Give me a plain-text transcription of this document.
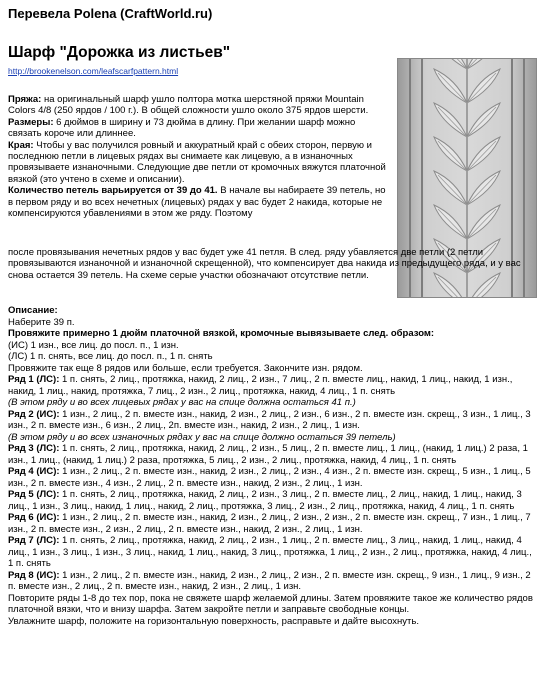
Перевела Polena (CraftWorld.ru)
Шарф "Дорожка из листьев"
http://brookenelson.com/leafscarfpattern.html

Пряжа: на оригинальный шарф ушло полтора мотка шерстяной пряжи Mountain Colors 4/8 (250 ярдов / 100 г.). В общей сложности ушло около 375 ярдов шерсти.

Размеры: 6 дюймов в ширину и 73 дюйма в длину. При желании шарф можно связать короче или длиннее.

Края: Чтобы у вас получился ровный и аккуратный край с обеих сторон, первую и последнюю петли в лицевых рядах вы снимаете как лицевую, а в изнаночных провязываете изнаночными. Следующие две петли от кромочных вяжутся платочной вязкой (это учтено в схеме и описании).

Количество петель варьируется от 39 до 41. В начале вы набираете 39 петель, но в первом ряду и во всех нечетных (лицевых) рядах у вас будет 2 накида, которые не компенсируются убавлениями в этом же ряду. Поэтому

после провязывания нечетных рядов у вас будет уже 41 петля. В след. ряду убавляется две петли (2 петли провязываются изнаночной и изнаночной скрещенной), что компенсирует два накида из предыдущего ряда, и у вас снова остается 39 петель. На схеме серые участки обозначают отсутствие петли.

Описание:

Наберите 39 п.

Провяжите примерно 1 дюйм платочной вязкой, кромочные вывязываете след. образом:

(ИС) 1 изн., все лиц. до посл. п., 1 изн.

(ЛС) 1 п. снять, все лиц. до посл. п., 1 п. снять

Провяжите так еще 8 рядов или больше, если требуется. Закончите изн. рядом.

Ряд 1 (ЛС): 1 п. снять, 2 лиц., протяжка, накид, 2 лиц., 2 изн., 7 лиц., 2 п. вместе лиц., накид, 1 лиц., накид, 1 изн., накид, 1 лиц., накид, протяжка, 7 лиц., 2 изн., 2 лиц., протяжка, накид, 4 лиц., 1 п. снять

(В этом ряду и во всех лицевых рядах у вас на спице должна остаться 41 п.)

Ряд 2 (ИС): 1 изн., 2 лиц., 2 п. вместе изн., накид, 2 изн., 2 лиц., 2 изн., 6 изн., 2 п. вместе изн. скрещ., 3 изн., 1 лиц., 3 изн., 2 п. вместе изн., 6 изн., 2 лиц., 2п. вместе изн., накид, 2 изн., 2 лиц., 1 изн.

(В этом ряду и во всех изнаночных рядах у вас на спице должно остаться 39 петель)

Ряд 3 (ЛС): 1 п. снять, 2 лиц., протяжка, накид, 2 лиц., 2 изн., 5 лиц., 2 п. вместе лиц., 1 лиц., (накид, 1 лиц.) 2 раза, 1 изн., 1 лиц., (накид, 1 лиц.) 2 раза, протяжка, 5 лиц., 2 изн., 2 лиц., протяжка, накид, 4 лиц., 1 п. снять

Ряд 4 (ИС): 1 изн., 2 лиц., 2 п. вместе изн., накид, 2 изн., 2 лиц., 2 изн., 4 изн., 2 п. вместе изн. скрещ., 5 изн., 1 лиц., 5 изн., 2 п. вместе изн., 4 изн., 2 лиц., 2 п. вместе изн., накид, 2 изн., 2 лиц., 1 изн.

Ряд 5 (ЛС): 1 п. снять, 2 лиц., протяжка, накид, 2 лиц., 2 изн., 3 лиц., 2 п. вместе лиц., 2 лиц., накид, 1 лиц., накид, 3 лиц., 1 изн., 3 лиц., накид, 1 лиц., накид, 2 лиц., протяжка, 3 лиц., 2 изн., 2 лиц., протяжка, накид, 4 лиц., 1 п. снять

Ряд 6 (ИС): 1 изн., 2 лиц., 2 п. вместе изн., накид, 2 изн., 2 лиц., 2 изн., 2 изн., 2 п. вместе изн. скрещ., 7 изн., 1 лиц., 7 изн., 2 п. вместе изн., 2 изн., 2 лиц., 2 п. вместе изн., накид, 2 изн., 2 лиц., 1 изн.

Ряд 7 (ЛС): 1 п. снять, 2 лиц., протяжка, накид, 2 лиц., 2 изн., 1 лиц., 2 п. вместе лиц., 3 лиц., накид, 1 лиц., накид, 4 лиц., 1 изн., 3 лиц., 1 изн., 3 лиц., накид, 1 лиц., накид, 3 лиц., протяжка, 1 лиц., 2 изн., 2 лиц., протяжка, накид, 4 лиц., 1 п. снять

Ряд 8 (ИС): 1 изн., 2 лиц., 2 п. вместе изн., накид, 2 изн., 2 лиц., 2 изн., 2 п. вместе изн. скрещ., 9 изн., 1 лиц., 9 изн., 2 п. вместе изн., 2 лиц., 2 п. вместе изн., накид, 2 изн., 2 лиц., 1 изн.

Повторите ряды 1-8 до тех пор, пока не свяжете шарф желаемой длины. Затем провяжите такое же количество рядов платочной вязки, что и внизу шарфа. Затем закройте петли и заправьте свободные концы.

Увлажните шарф, положите на горизонтальную поверхность, расправьте и дайте высохнуть.
